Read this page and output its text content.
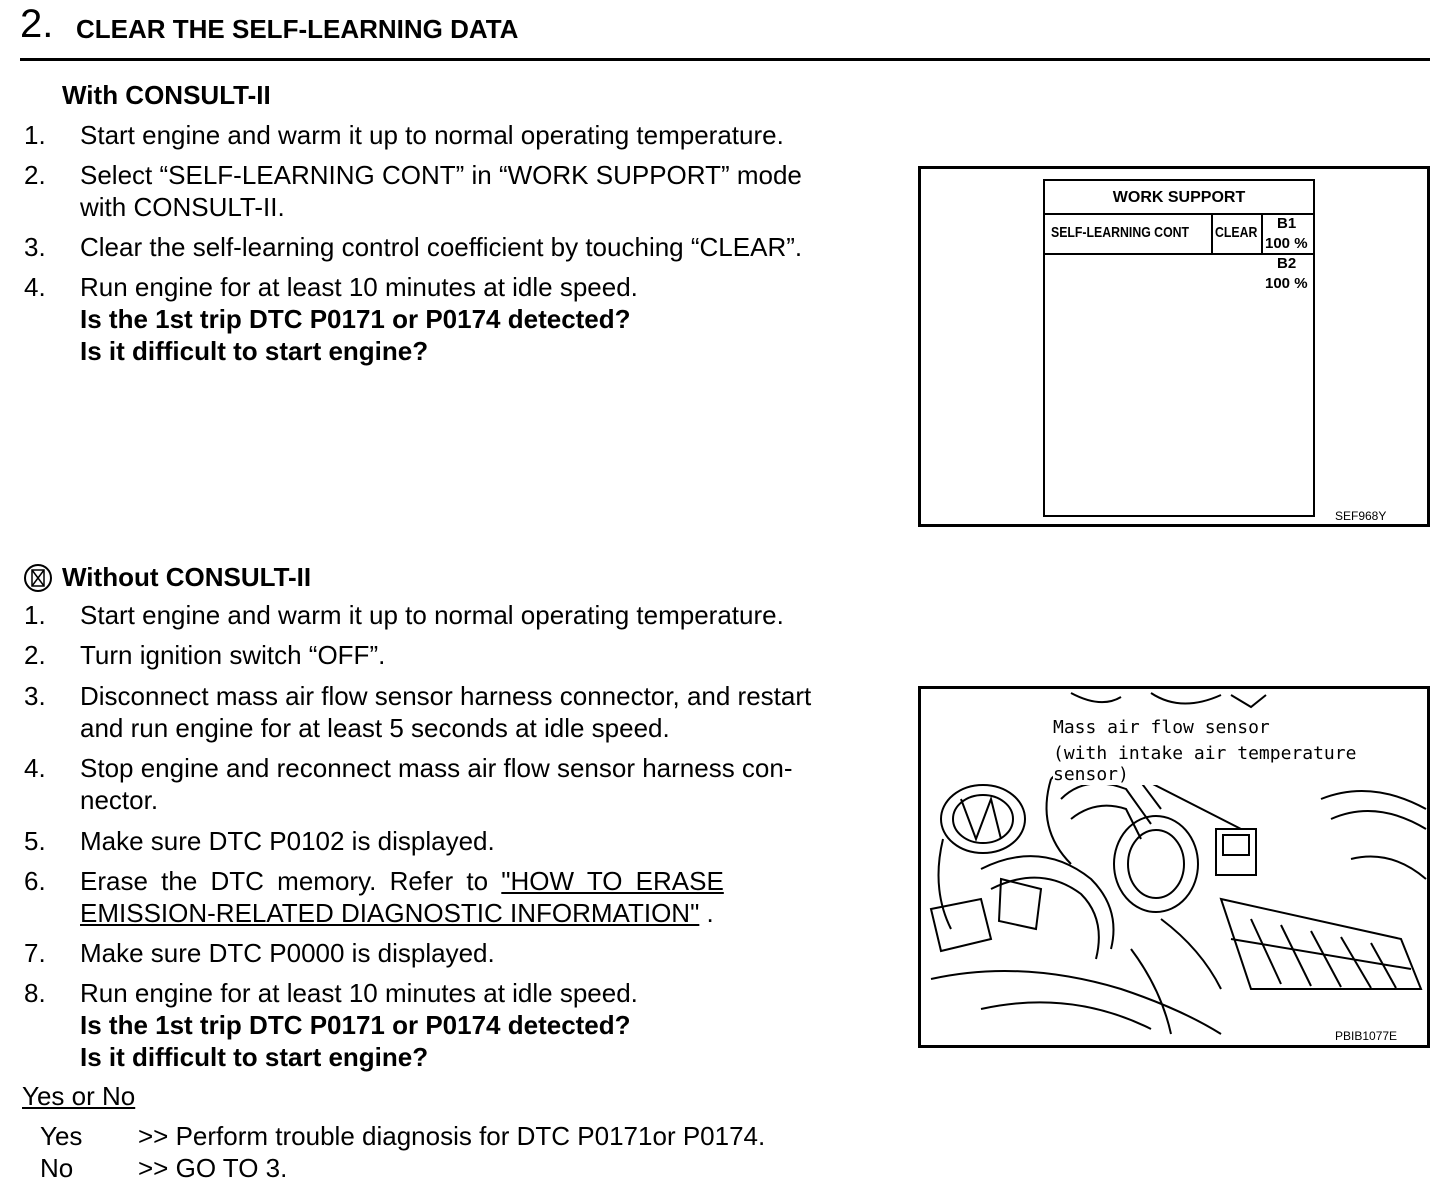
2. CLEAR THE SELF-LEARNING DATA
With CONSULT-II
1. Start engine and warm it up to normal operating temperature.
2. Select “SELF-LEARNING CONT” in “WORK SUPPORT” mode
with CONSULT-II.
3. Clear the self-learning control coefficient by touching “CLEAR”.
4. Run engine for at least 10 minutes at idle speed.
Is the 1st trip DTC P0171 or P0174 detected?
Is it difficult to start engine?
WORK SUPPORT
SELF-LEARNING CONT CLEAR
B1
100 %
B2
100 %
SEF968Y
Without CONSULT-II
1. Start engine and warm it up to normal operating temperature.
2. Turn ignition switch “OFF”.
3. Disconnect mass air flow sensor harness connector, and restart
and run engine for at least 5 seconds at idle speed.
4. Stop engine and reconnect mass air flow sensor harness con-
nector.
5. Make sure DTC P0102 is displayed.
6. Erase the DTC memory. Refer to "HOW TO ERASE
EMISSION-RELATED DIAGNOSTIC INFORMATION" .
7. Make sure DTC P0000 is displayed.
8. Run engine for at least 10 minutes at idle speed.
Is the 1st trip DTC P0171 or P0174 detected?
Is it difficult to start engine?
Mass air flow sensor
(with intake air temperature sensor)
PBIB1077E
Yes or No
Yes >> Perform trouble diagnosis for DTC P0171or P0174.
No >> GO TO 3.
